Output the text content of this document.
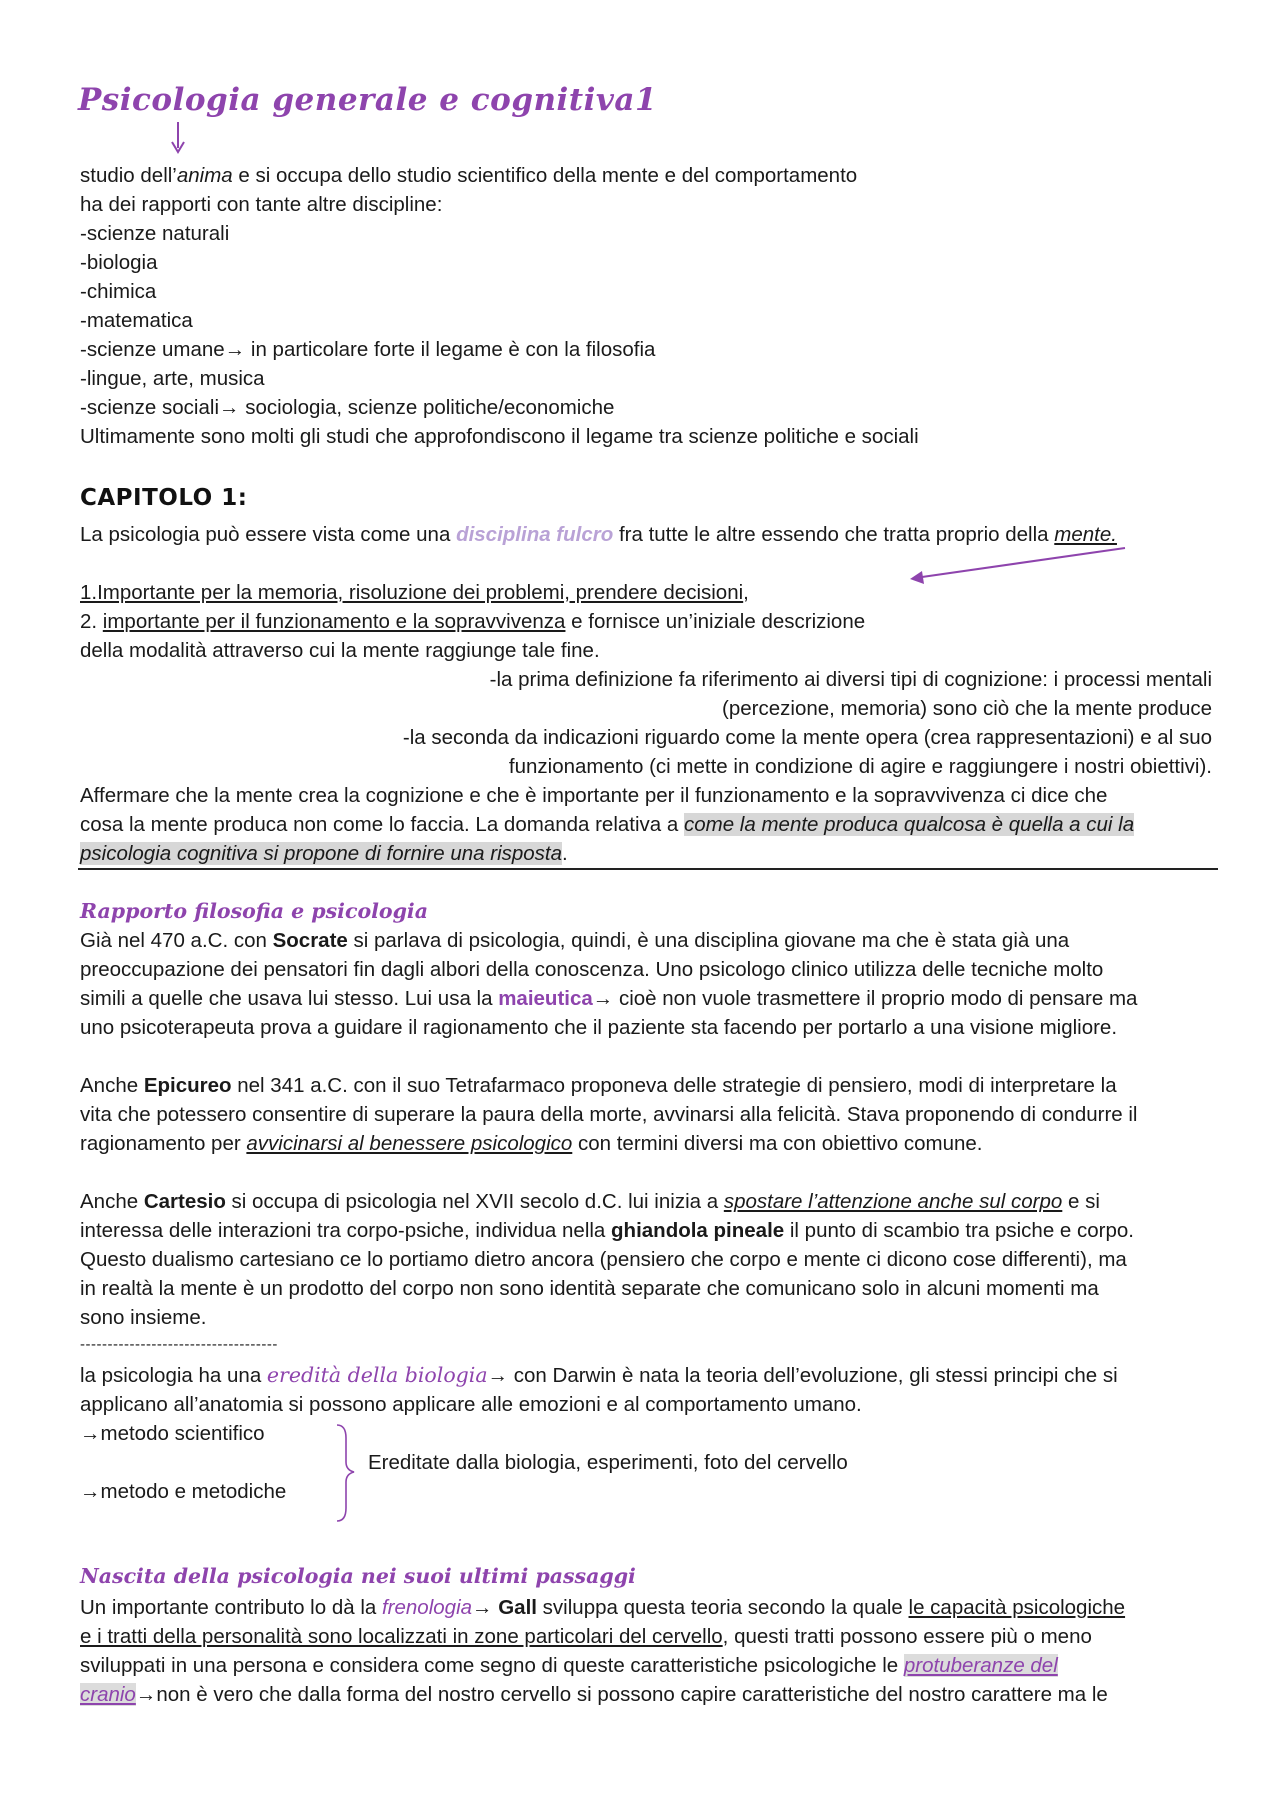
Psicologia generale e cognitiva1
studio dell’anima e si occupa dello studio scientifico della mente e del comportamento
ha dei rapporti con tante altre discipline:
-scienze naturali
-biologia
-chimica
-matematica
-scienze umane→ in particolare forte il legame è con la filosofia
-lingue, arte, musica
-scienze sociali→ sociologia, scienze politiche/economiche
Ultimamente sono molti gli studi che approfondiscono il legame tra scienze politiche e sociali
CAPITOLO 1:
La psicologia può essere vista come una disciplina fulcro fra tutte le altre essendo che tratta proprio della mente.
1.Importante per la memoria, risoluzione dei problemi, prendere decisioni,
2. importante per il funzionamento e la sopravvivenza e fornisce un’iniziale descrizione
della modalità attraverso cui la mente raggiunge tale fine.
-la prima definizione fa riferimento ai diversi tipi di cognizione: i processi mentali
(percezione, memoria) sono ciò che la mente produce
-la seconda da indicazioni riguardo come la mente opera (crea rappresentazioni) e al suo
funzionamento (ci mette in condizione di agire e raggiungere i nostri obiettivi).
Affermare che la mente crea la cognizione e che è importante per il funzionamento e la sopravvivenza ci dice che
cosa la mente produca non come lo faccia. La domanda relativa a come la mente produca qualcosa è quella a cui la
psicologia cognitiva si propone di fornire una risposta.
Rapporto filosofia e psicologia
Già nel 470 a.C. con Socrate si parlava di psicologia, quindi, è una disciplina giovane ma che è stata già una
preoccupazione dei pensatori fin dagli albori della conoscenza. Uno psicologo clinico utilizza delle tecniche molto
simili a quelle che usava lui stesso. Lui usa la maieutica→ cioè non vuole trasmettere il proprio modo di pensare ma
uno psicoterapeuta prova a guidare il ragionamento che il paziente sta facendo per portarlo a una visione migliore.
Anche Epicureo nel 341 a.C. con il suo Tetrafarmaco proponeva delle strategie di pensiero, modi di interpretare la
vita che potessero consentire di superare la paura della morte, avvinarsi alla felicità. Stava proponendo di condurre il
ragionamento per avvicinarsi al benessere psicologico con termini diversi ma con obiettivo comune.
Anche Cartesio si occupa di psicologia nel XVII secolo d.C. lui inizia a spostare l’attenzione anche sul corpo e si
interessa delle interazioni tra corpo-psiche, individua nella ghiandola pineale il punto di scambio tra psiche e corpo.
Questo dualismo cartesiano ce lo portiamo dietro ancora (pensiero che corpo e mente ci dicono cose differenti), ma
in realtà la mente è un prodotto del corpo non sono identità separate che comunicano solo in alcuni momenti ma
sono insieme.
------------------------------------
la psicologia ha una eredità della biologia→ con Darwin è nata la teoria dell’evoluzione, gli stessi principi che si
applicano all’anatomia si possono applicare alle emozioni e al comportamento umano.
→metodo scientifico
→metodo e metodiche
Ereditate dalla biologia, esperimenti, foto del cervello
Nascita della psicologia nei suoi ultimi passaggi
Un importante contributo lo dà la frenologia→ Gall sviluppa questa teoria secondo la quale le capacità psicologiche
e i tratti della personalità sono localizzati in zone particolari del cervello, questi tratti possono essere più o meno
sviluppati in una persona e considera come segno di queste caratteristiche psicologiche le protuberanze del
cranio→non è vero che dalla forma del nostro cervello si possono capire caratteristiche del nostro carattere ma le
